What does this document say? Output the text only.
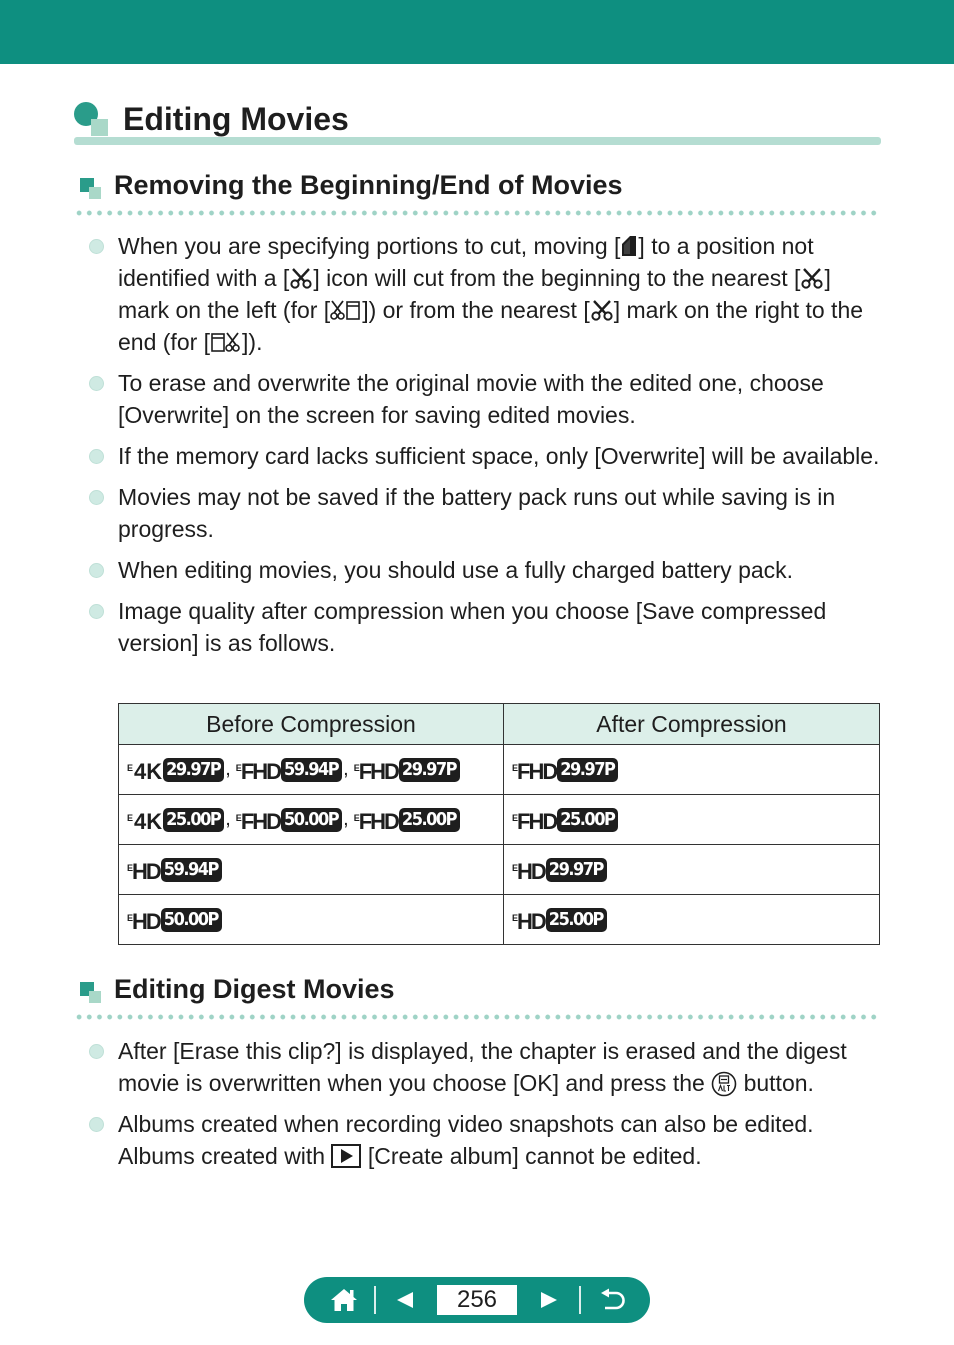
Editing Movies
Removing the Beginning/End of Movies
When you are specifying portions to cut, moving [ ] to a position not identified with a [ ] icon will cut from the beginning to the nearest [ ] mark on the left (for [ ]) or from the nearest [ ] mark on the right to the end (for [ ]).
To erase and overwrite the original movie with the edited one, choose [Overwrite] on the screen for saving edited movies.
If the memory card lacks sufficient space, only [Overwrite] will be available.
Movies may not be saved if the battery pack runs out while saving is in progress.
When editing movies, you should use a fully charged battery pack.
Image quality after compression when you choose [Save compressed version] is as follows.
Before Compression	After Compression
$^E$4K 29.97P , $^E$FHD 59.94P , $^E$FHD 29.97P	$^E$FHD 29.97P
$^E$4K 25.00P , $^E$FHD 50.00P , $^E$FHD 25.00P	$^E$FHD 25.00P
$^E$HD 59.94P	$^E$HD 29.97P
$^E$HD 50.00P	$^E$HD 25.00P
Editing Digest Movies
After [Erase this clip?] is displayed, the chapter is erased and the digest movie is overwritten when you choose [OK] and press the  button.
Albums created when recording video snapshots can also be edited. Albums created with  [Create album] cannot be edited.
256
